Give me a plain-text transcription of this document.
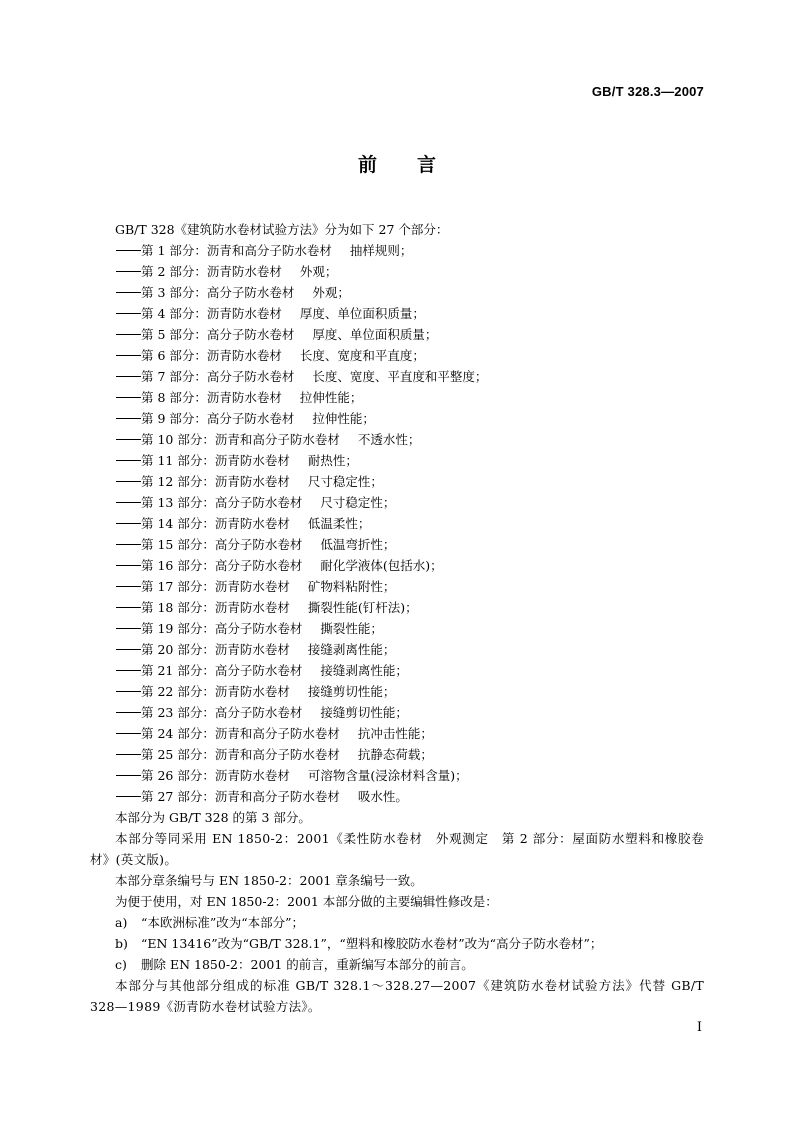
GB/T 328.3—2007
前言
GB/T 328《建筑防水卷材试验方法》分为如下 27 个部分：
第 1 部分：沥青和高分子防水卷材 抽样规则；
第 2 部分：沥青防水卷材 外观；
第 3 部分：高分子防水卷材 外观；
第 4 部分：沥青防水卷材 厚度、单位面积质量；
第 5 部分：高分子防水卷材 厚度、单位面积质量；
第 6 部分：沥青防水卷材 长度、宽度和平直度；
第 7 部分：高分子防水卷材 长度、宽度、平直度和平整度；
第 8 部分：沥青防水卷材 拉伸性能；
第 9 部分：高分子防水卷材 拉伸性能；
第 10 部分：沥青和高分子防水卷材 不透水性；
第 11 部分：沥青防水卷材 耐热性；
第 12 部分：沥青防水卷材 尺寸稳定性；
第 13 部分：高分子防水卷材 尺寸稳定性；
第 14 部分：沥青防水卷材 低温柔性；
第 15 部分：高分子防水卷材 低温弯折性；
第 16 部分：高分子防水卷材 耐化学液体(包括水)；
第 17 部分：沥青防水卷材 矿物料粘附性；
第 18 部分：沥青防水卷材 撕裂性能(钉杆法)；
第 19 部分：高分子防水卷材 撕裂性能；
第 20 部分：沥青防水卷材 接缝剥离性能；
第 21 部分：高分子防水卷材 接缝剥离性能；
第 22 部分：沥青防水卷材 接缝剪切性能；
第 23 部分：高分子防水卷材 接缝剪切性能；
第 24 部分：沥青和高分子防水卷材 抗冲击性能；
第 25 部分：沥青和高分子防水卷材 抗静态荷载；
第 26 部分：沥青防水卷材 可溶物含量(浸涂材料含量)；
第 27 部分：沥青和高分子防水卷材 吸水性。
本部分为 GB/T 328 的第 3 部分。
本部分等同采用 EN 1850-2：2001《柔性防水卷材　外观测定　第 2 部分：屋面防水塑料和橡胶卷材》(英文版)。
本部分章条编号与 EN 1850-2：2001 章条编号一致。
为便于使用，对 EN 1850-2：2001 本部分做的主要编辑性修改是：
a) “本欧洲标准”改为“本部分”；
b) “EN 13416”改为“GB/T 328.1”，“塑料和橡胶防水卷材”改为“高分子防水卷材”；
c) 删除 EN 1850-2：2001 的前言，重新编写本部分的前言。
本部分与其他部分组成的标准 GB/T 328.1～328.27—2007《建筑防水卷材试验方法》代替 GB/T 328—1989《沥青防水卷材试验方法》。
I
